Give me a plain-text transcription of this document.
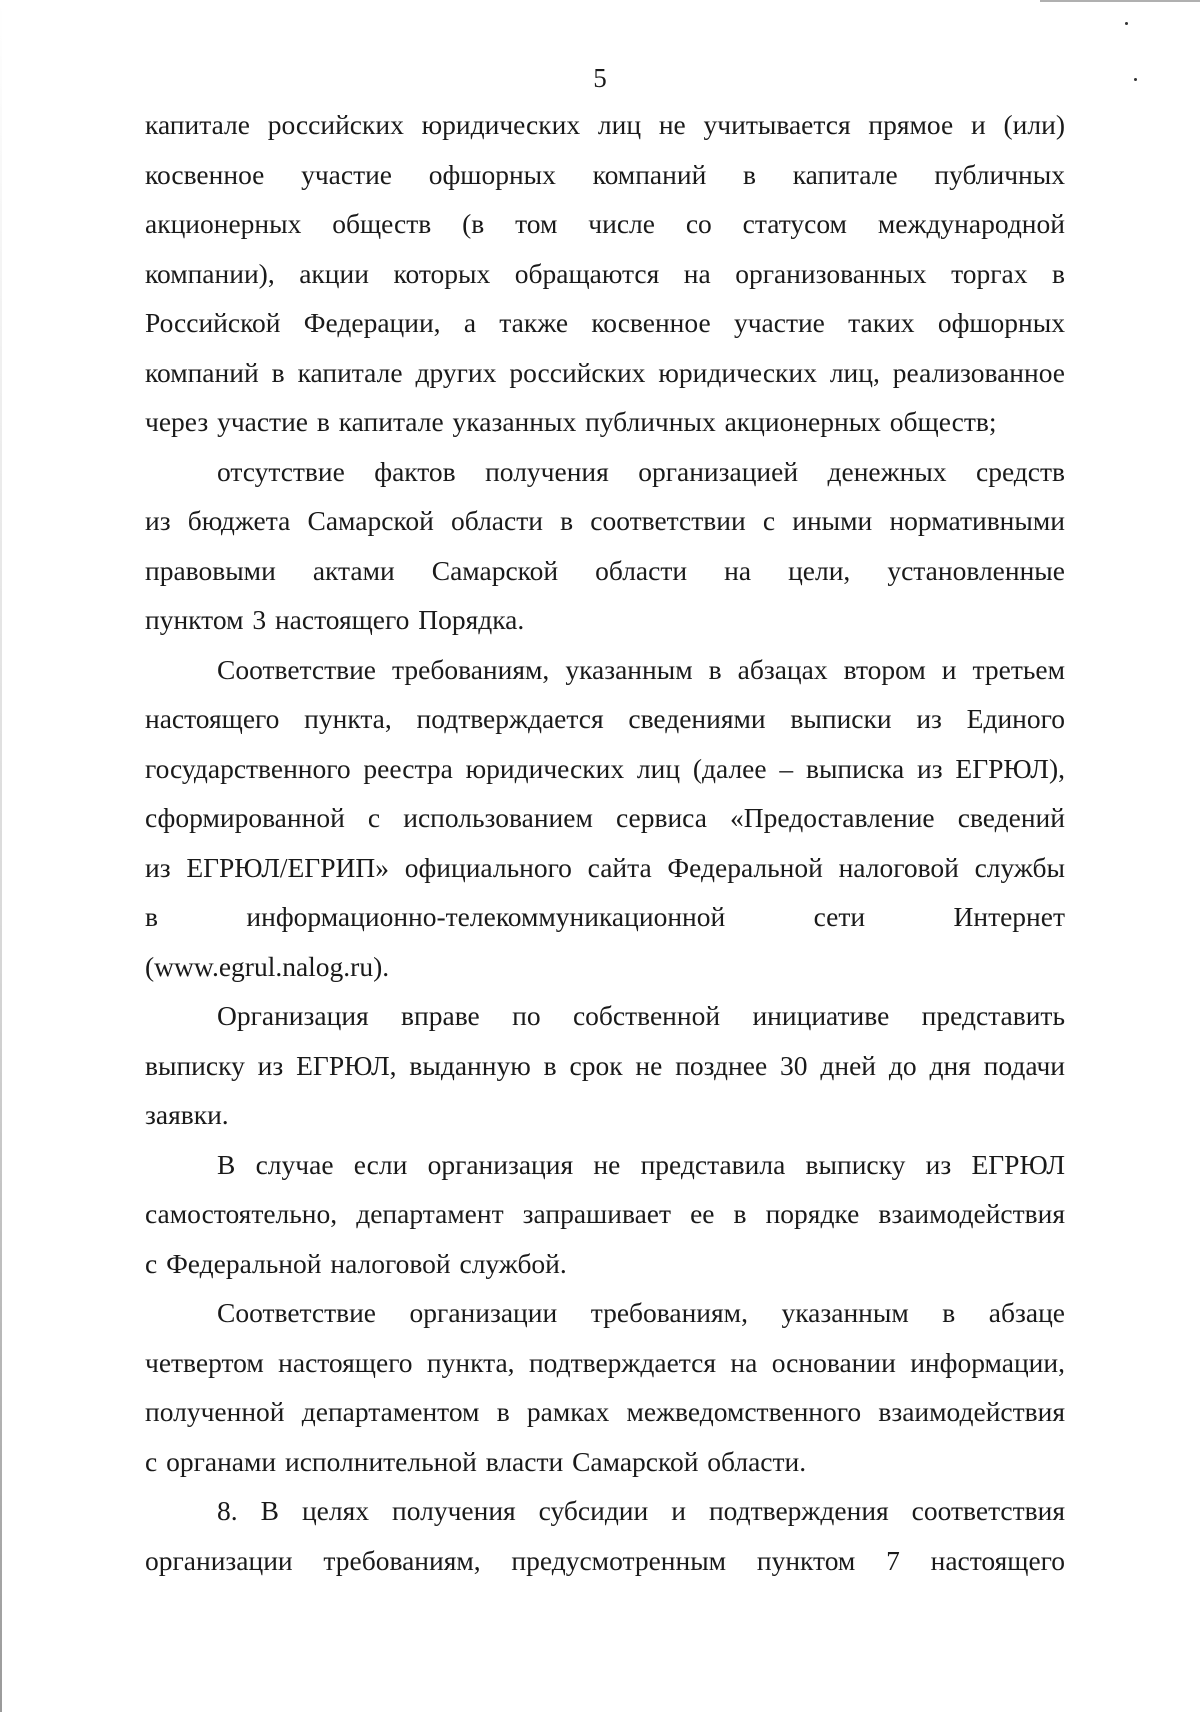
5

капитале российских юридических лиц не учитывается прямое и (или)
косвенное участие офшорных компаний в капитале публичных
акционерных обществ (в том числе со статусом международной
компании), акции которых обращаются на организованных торгах в
Российской Федерации, а также косвенное участие таких офшорных
компаний в капитале других российских юридических лиц, реализованное
через участие в капитале указанных публичных акционерных обществ;

отсутствие фактов получения организацией денежных средств
из бюджета Самарской области в соответствии с иными нормативными
правовыми актами Самарской области на цели, установленные
пунктом 3 настоящего Порядка.

Соответствие требованиям, указанным в абзацах втором и третьем
настоящего пункта, подтверждается сведениями выписки из Единого
государственного реестра юридических лиц (далее – выписка из ЕГРЮЛ),
сформированной с использованием сервиса «Предоставление сведений
из ЕГРЮЛ/ЕГРИП» официального сайта Федеральной налоговой службы
в информационно-телекоммуникационной сети Интернет
(www.egrul.nalog.ru).

Организация вправе по собственной инициативе представить
выписку из ЕГРЮЛ, выданную в срок не позднее 30 дней до дня подачи
заявки.

В случае если организация не представила выписку из ЕГРЮЛ
самостоятельно, департамент запрашивает ее в порядке взаимодействия
с Федеральной налоговой службой.

Соответствие организации требованиям, указанным в абзаце
четвертом настоящего пункта, подтверждается на основании информации,
полученной департаментом в рамках межведомственного взаимодействия
с органами исполнительной власти Самарской области.

8. В целях получения субсидии и подтверждения соответствия
организации требованиям, предусмотренным пунктом 7 настоящего
